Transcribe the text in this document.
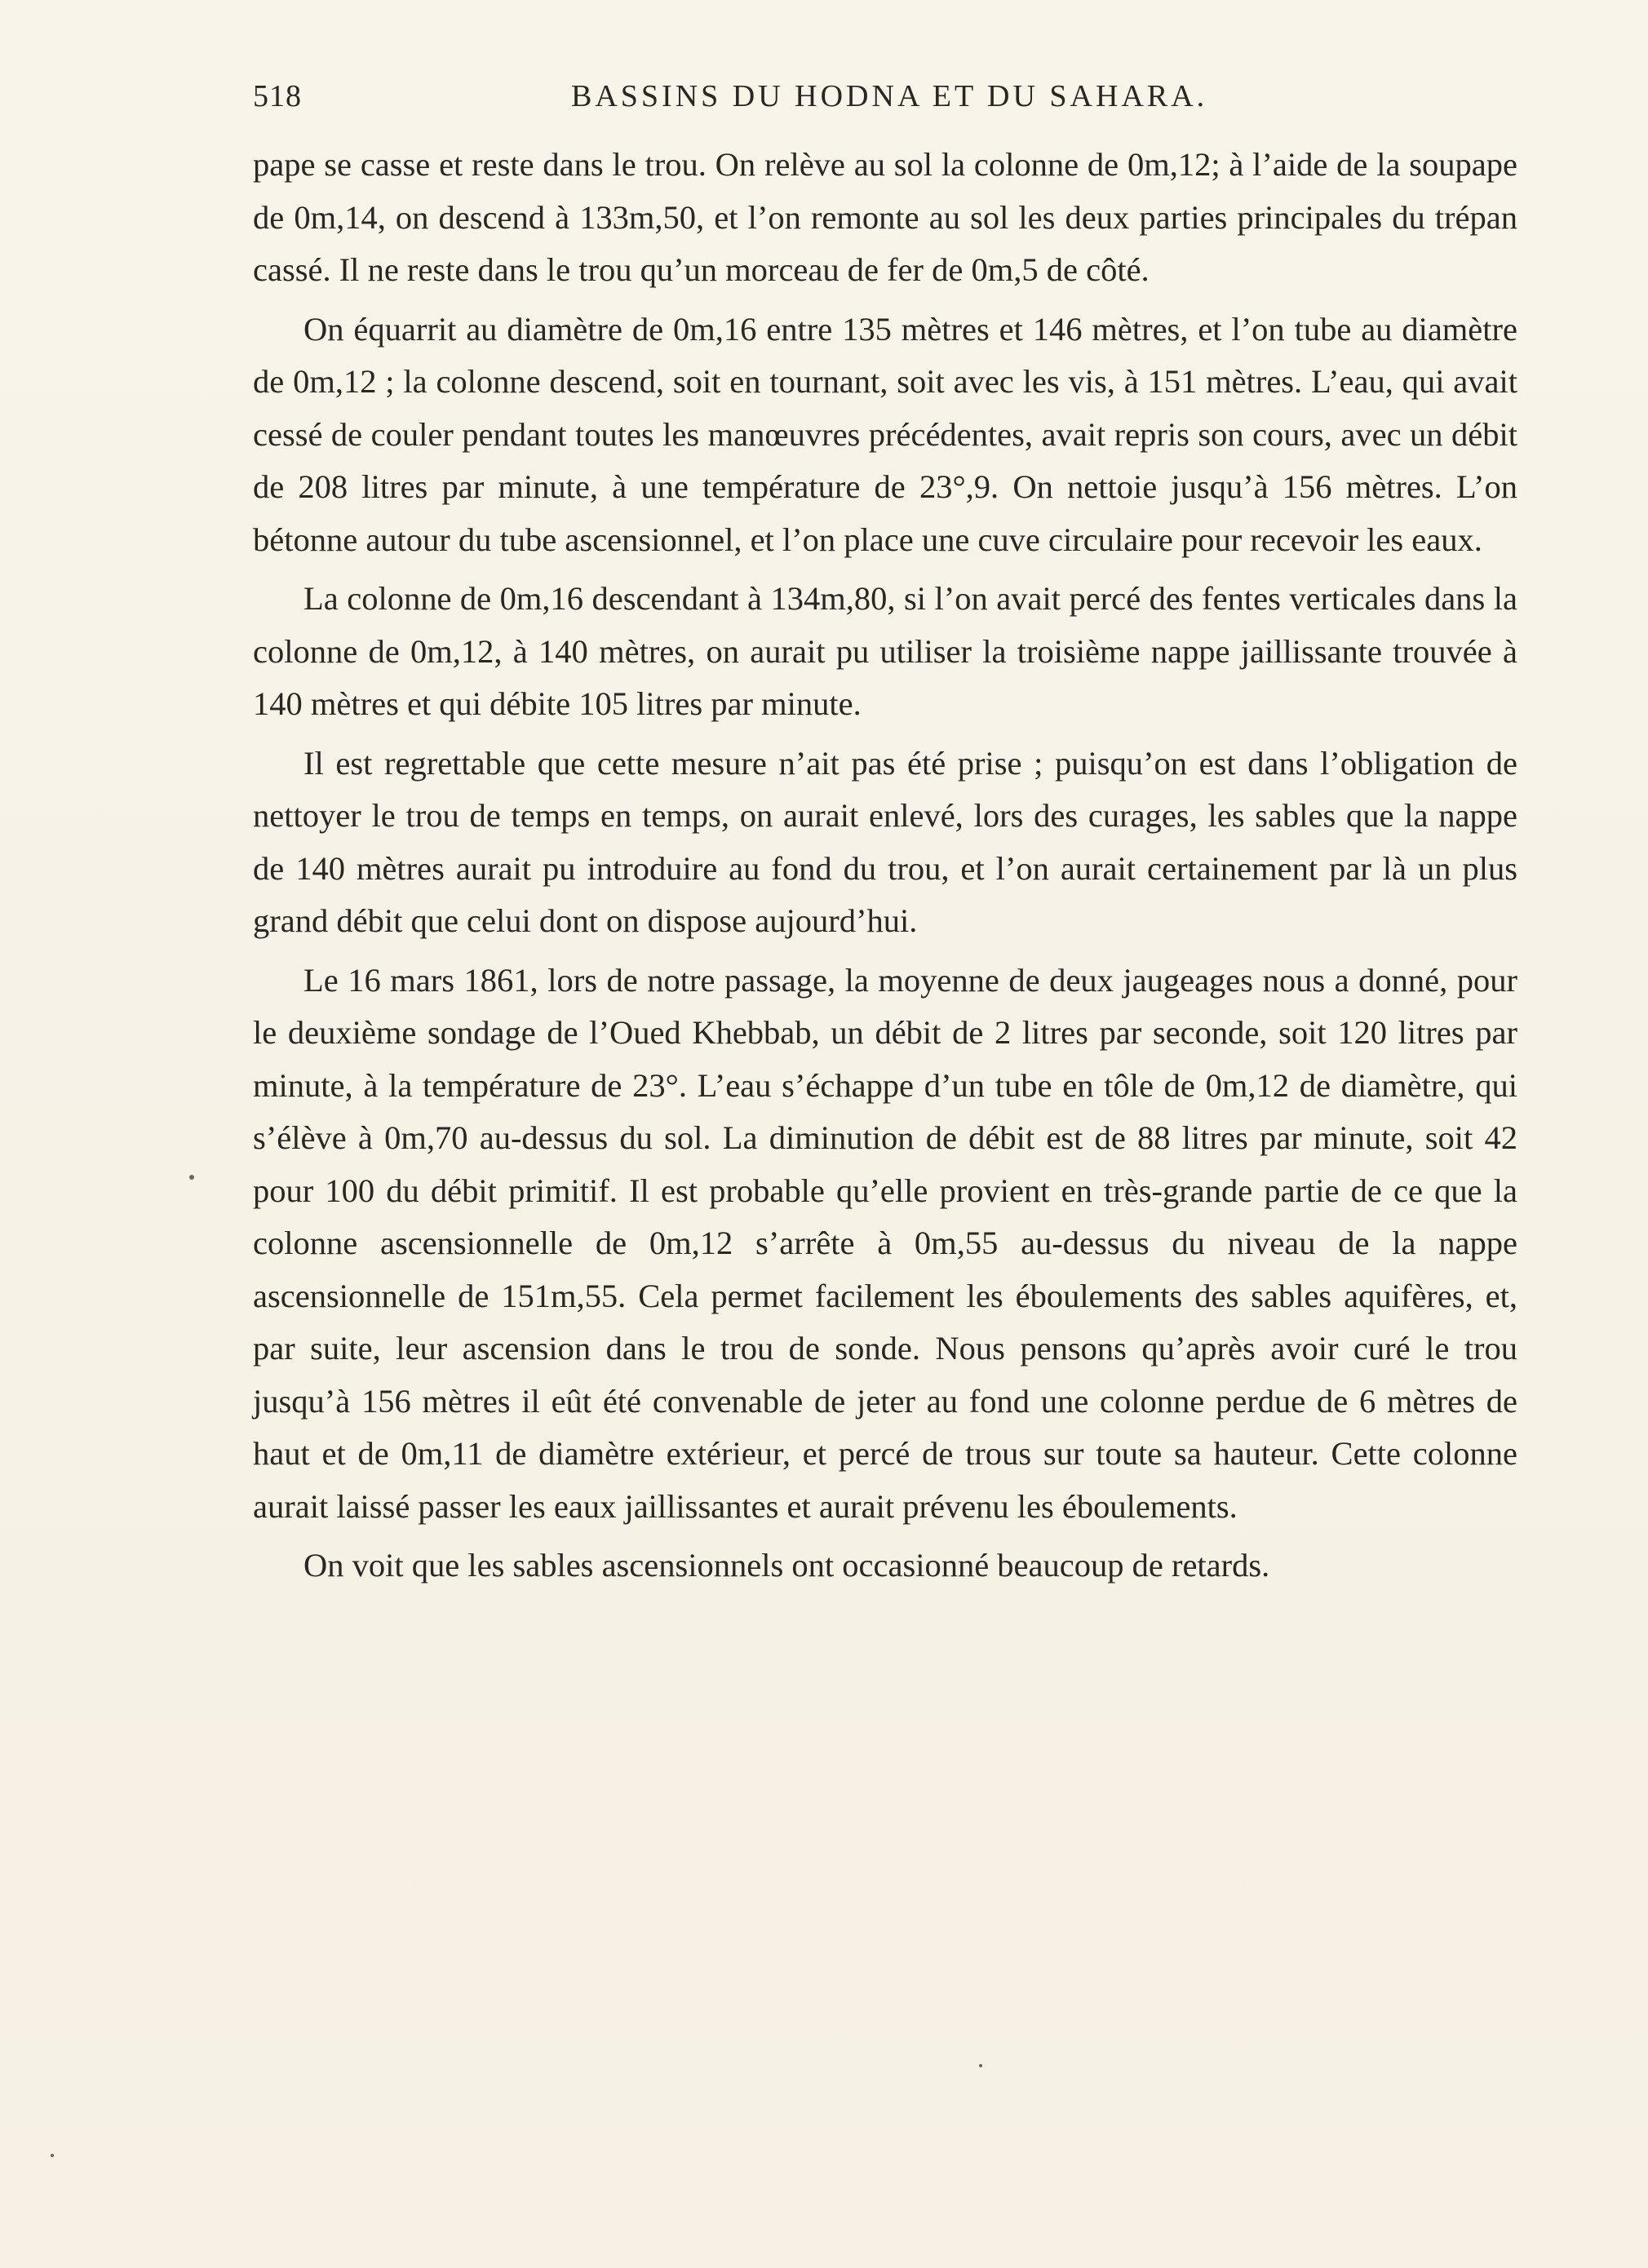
518	BASSINS DU HODNA ET DU SAHARA.

pape se casse et reste dans le trou. On relève au sol la colonne de 0m,12; à l’aide de la soupape de 0m,14, on descend à 133m,50, et l’on remonte au sol les deux parties principales du trépan cassé. Il ne reste dans le trou qu’un morceau de fer de 0m,5 de côté.

On équarrit au diamètre de 0m,16 entre 135 mètres et 146 mètres, et l’on tube au diamètre de 0m,12 ; la colonne descend, soit en tournant, soit avec les vis, à 151 mètres. L’eau, qui avait cessé de couler pendant toutes les manœuvres précédentes, avait repris son cours, avec un débit de 208 litres par minute, à une température de 23°,9. On nettoie jusqu’à 156 mètres. L’on bétonne autour du tube ascensionnel, et l’on place une cuve circulaire pour recevoir les eaux.

La colonne de 0m,16 descendant à 134m,80, si l’on avait percé des fentes verticales dans la colonne de 0m,12, à 140 mètres, on aurait pu utiliser la troisième nappe jaillissante trouvée à 140 mètres et qui débite 105 litres par minute.

Il est regrettable que cette mesure n’ait pas été prise ; puisqu’on est dans l’obligation de nettoyer le trou de temps en temps, on aurait enlevé, lors des curages, les sables que la nappe de 140 mètres aurait pu introduire au fond du trou, et l’on aurait certainement par là un plus grand débit que celui dont on dispose aujourd’hui.

Le 16 mars 1861, lors de notre passage, la moyenne de deux jaugeages nous a donné, pour le deuxième sondage de l’Oued Khebbab, un débit de 2 litres par seconde, soit 120 litres par minute, à la température de 23°. L’eau s’échappe d’un tube en tôle de 0m,12 de diamètre, qui s’élève à 0m,70 au-dessus du sol. La diminution de débit est de 88 litres par minute, soit 42 pour 100 du débit primitif. Il est probable qu’elle provient en très-grande partie de ce que la colonne ascensionnelle de 0m,12 s’arrête à 0m,55 au-dessus du niveau de la nappe ascensionnelle de 151m,55. Cela permet facilement les éboulements des sables aquifères, et, par suite, leur ascension dans le trou de sonde. Nous pensons qu’après avoir curé le trou jusqu’à 156 mètres il eût été convenable de jeter au fond une colonne perdue de 6 mètres de haut et de 0m,11 de diamètre extérieur, et percé de trous sur toute sa hauteur. Cette colonne aurait laissé passer les eaux jaillissantes et aurait prévenu les éboulements.

On voit que les sables ascensionnels ont occasionné beaucoup de retards.
